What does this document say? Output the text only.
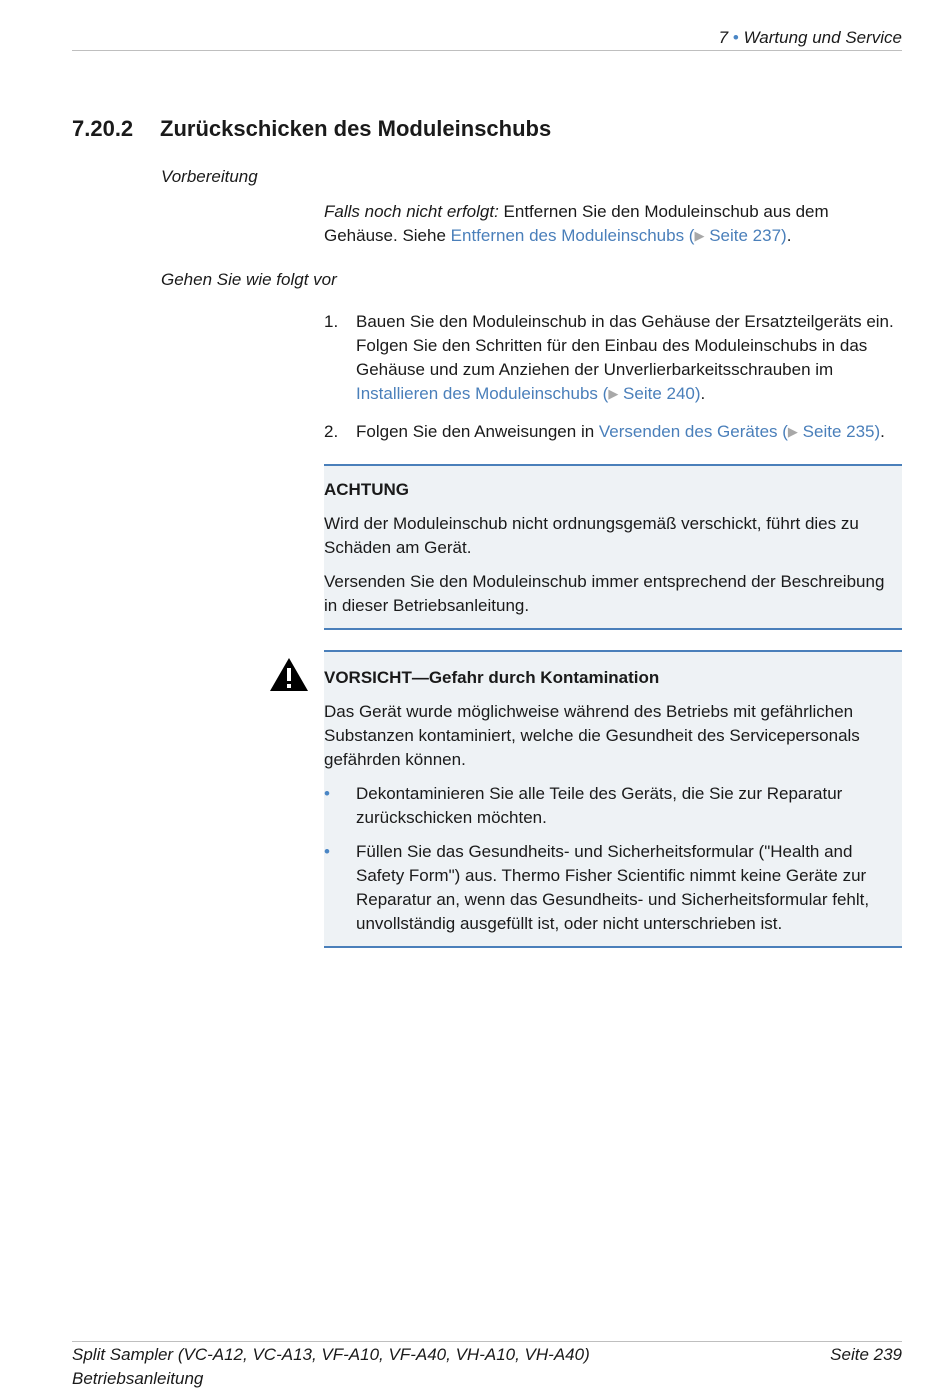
7 • Wartung und Service
7.20.2 Zurückschicken des Moduleinschubs
Vorbereitung
Falls noch nicht erfolgt: Entfernen Sie den Moduleinschub aus dem Gehäuse. Siehe Entfernen des Moduleinschubs (▶ Seite 237).
Gehen Sie wie folgt vor
1. Bauen Sie den Moduleinschub in das Gehäuse der Ersatzteilgeräts ein. Folgen Sie den Schritten für den Einbau des Moduleinschubs in das Gehäuse und zum Anziehen der Unverlierbarkeitsschrauben im Installieren des Moduleinschubs (▶ Seite 240).
2. Folgen Sie den Anweisungen in Versenden des Gerätes (▶ Seite 235).
ACHTUNG

Wird der Moduleinschub nicht ordnungsgemäß verschickt, führt dies zu Schäden am Gerät.

Versenden Sie den Moduleinschub immer entsprechend der Beschreibung in dieser Betriebsanleitung.

VORSICHT—Gefahr durch Kontamination

Das Gerät wurde möglichweise während des Betriebs mit gefährlichen Substanzen kontaminiert, welche die Gesundheit des Servicepersonals gefährden können.

• Dekontaminieren Sie alle Teile des Geräts, die Sie zur Reparatur zurückschicken möchten.
• Füllen Sie das Gesundheits- und Sicherheitsformular ("Health and Safety Form") aus. Thermo Fisher Scientific nimmt keine Geräte zur Reparatur an, wenn das Gesundheits- und Sicherheitsformular fehlt, unvollständig ausgefüllt ist, oder nicht unterschrieben ist.
Split Sampler (VC-A12, VC-A13, VF-A10, VF-A40, VH-A10, VH-A40)
Betriebsanleitung
Seite 239
